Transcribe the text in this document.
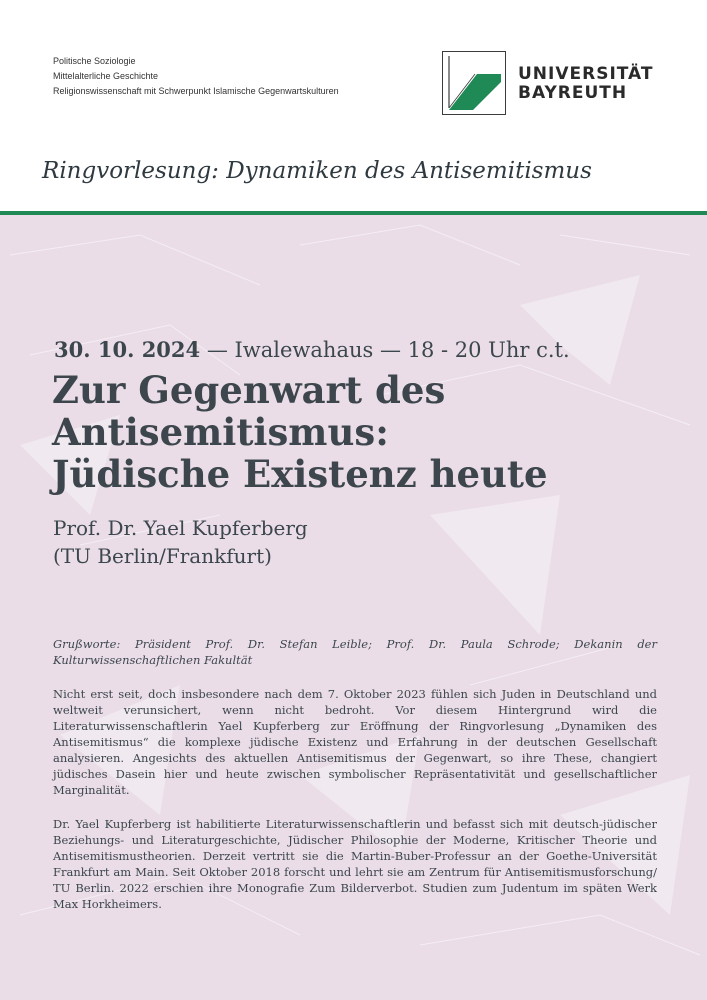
Politische Soziologie
Mittelalterliche Geschichte
Religionswissenschaft mit Schwerpunkt Islamische Gegenwartskulturen
UNIVERSITÄT
BAYREUTH
Ringvorlesung: Dynamiken des Antisemitismus
30. 10. 2024 — Iwalewahaus — 18 - 20 Uhr c.t.
Zur Gegenwart des
Antisemitismus:
Jüdische Existenz heute
Prof. Dr. Yael Kupferberg
(TU Berlin/Frankfurt)
Grußworte: Präsident Prof. Dr. Stefan Leible; Prof. Dr. Paula Schrode; Dekanin der Kulturwissenschaftlichen Fakultät
Nicht erst seit, doch insbesondere nach dem 7. Oktober 2023 fühlen sich Juden in Deutschland und weltweit verunsichert, wenn nicht bedroht. Vor diesem Hintergrund wird die Literaturwissenschaftlerin Yael Kupferberg zur Eröffnung der Ringvorlesung „Dynamiken des Antisemitismus“ die komplexe jüdische Existenz und Erfahrung in der deutschen Gesellschaft analysieren. Angesichts des aktuellen Antisemitismus der Gegenwart, so ihre These, changiert jüdisches Dasein hier und heute zwischen symbolischer Repräsentativität und gesellschaftlicher Marginalität.
Dr. Yael Kupferberg ist habilitierte Literaturwissenschaftlerin und befasst sich mit deutsch-jüdischer Beziehungs- und Literaturgeschichte, Jüdischer Philosophie der Moderne, Kritischer Theorie und Antisemitismustheorien. Derzeit vertritt sie die Martin-Buber-Professur an der Goethe-Universität Frankfurt am Main. Seit Oktober 2018 forscht und lehrt sie am Zentrum für Antisemitismusforschung/ TU Berlin. 2022 erschien ihre Monografie Zum Bilderverbot. Studien zum Judentum im späten Werk Max Horkheimers.
